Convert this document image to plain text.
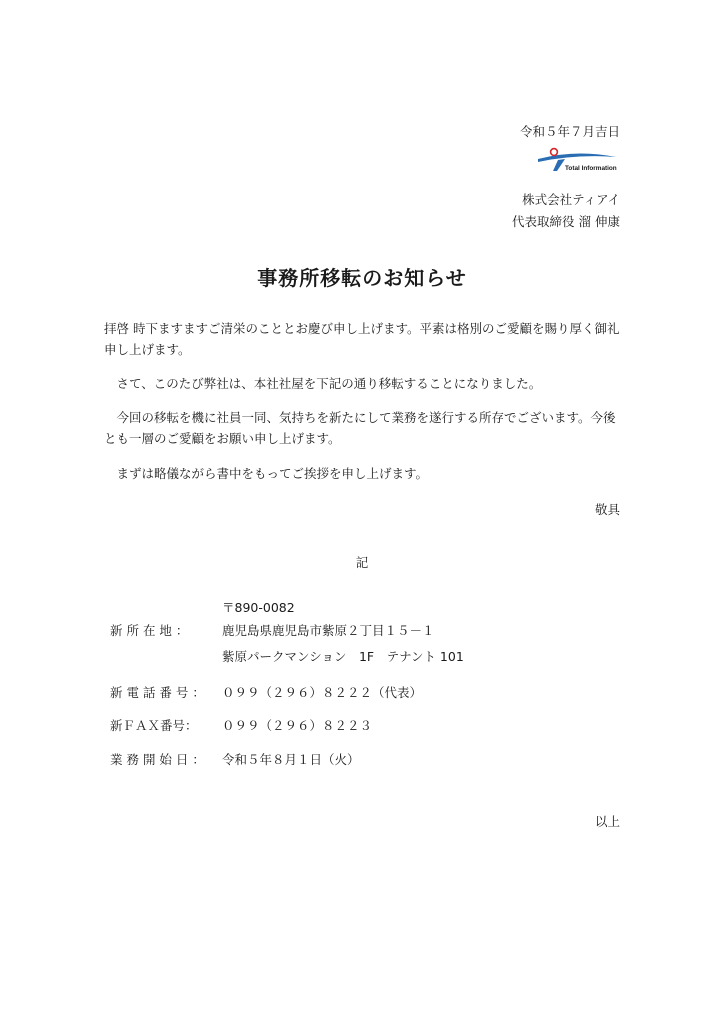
令和５年７月吉日
Total Information
株式会社ティアイ
代表取締役 溜 伸康
事務所移転のお知らせ
拝啓 時下ますますご清栄のこととお慶び申し上げます。平素は格別のご愛顧を賜り厚く御礼申し上げます。
　さて、このたび弊社は、本社社屋を下記の通り移転することになりました。
　今回の移転を機に社員一同、気持ちを新たにして業務を遂行する所存でございます。今後とも一層のご愛顧をお願い申し上げます。
　まずは略儀ながら書中をもってご挨拶を申し上げます。
敬具
記
〒890-0082
新 所 在 地 ：	鹿児島県鹿児島市紫原２丁目１５－１
紫原パークマンション　1F　テナント 101
新 電 話 番 号 ： ０９９（２９６）８２２２（代表）
新ＦＡＸ番号： ０９９（２９６）８２２３
業 務 開 始 日 ： 令和５年８月１日（火）
以上
